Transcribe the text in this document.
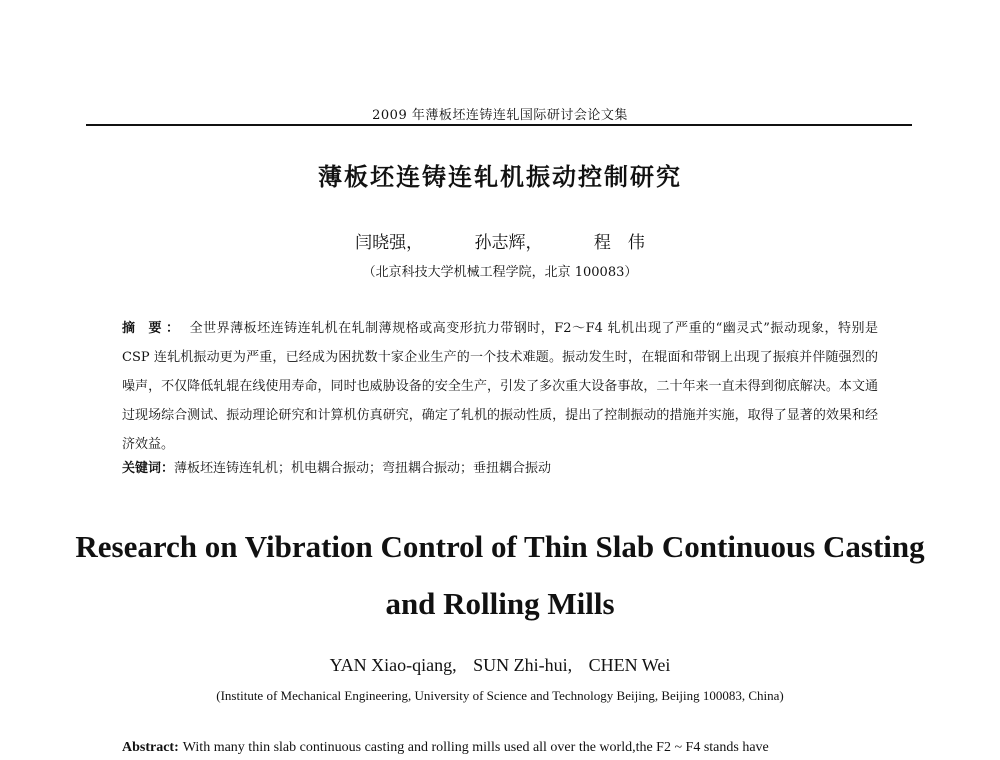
2009 年薄板坯连铸连轧国际研讨会论文集
薄板坯连铸连轧机振动控制研究
闫晓强，	孙志辉，	程　伟
（北京科技大学机械工程学院，北京 100083）
摘 要： 全世界薄板坯连铸连轧机在轧制薄规格或高变形抗力带钢时，F2～F4 轧机出现了严重的“幽灵式”振动现象，特别是 CSP 连轧机振动更为严重，已经成为困扰数十家企业生产的一个技术难题。振动发生时，在辊面和带钢上出现了振痕并伴随强烈的噪声，不仅降低轧辊在线使用寿命，同时也威胁设备的安全生产，引发了多次重大设备事故，二十年来一直未得到彻底解决。本文通过现场综合测试、振动理论研究和计算机仿真研究，确定了轧机的振动性质，提出了控制振动的措施并实施，取得了显著的效果和经济效益。
关键词：薄板坯连铸连轧机；机电耦合振动；弯扭耦合振动；垂扭耦合振动
Research on Vibration Control of Thin Slab Continuous Casting and Rolling Mills
YAN Xiao-qiang, SUN Zhi-hui, CHEN Wei
(Institute of Mechanical Engineering, University of Science and Technology Beijing, Beijing 100083, China)
Abstract: With many thin slab continuous casting and rolling mills used all over the world,the F2 ~ F4 stands have
